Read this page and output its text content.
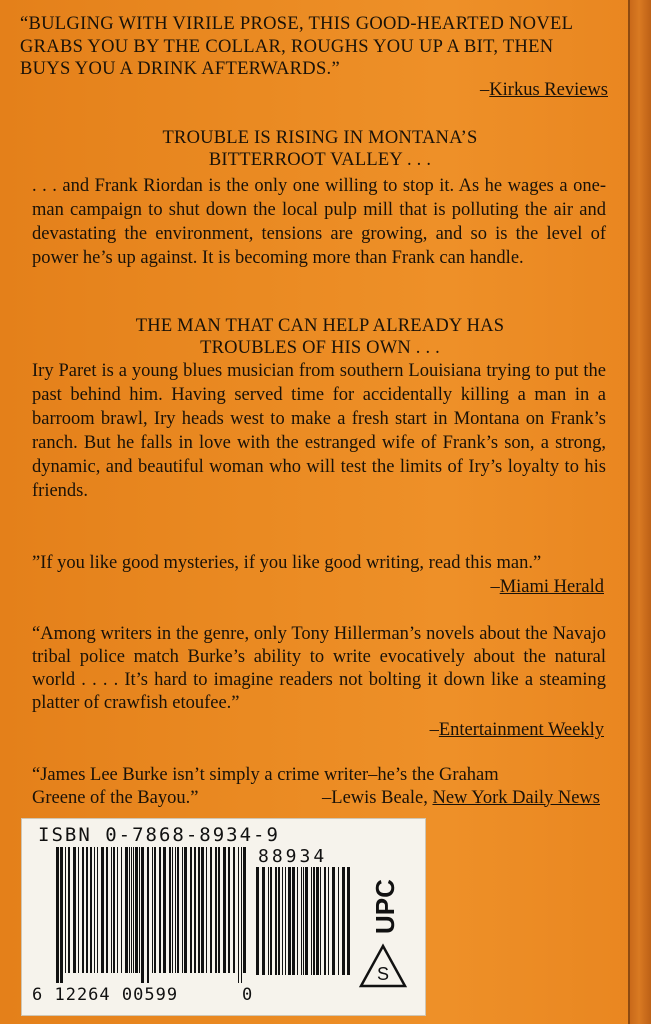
“BULGING WITH VIRILE PROSE, THIS GOOD-HEARTED NOVEL
GRABS YOU BY THE COLLAR, ROUGHS YOU UP A BIT, THEN
BUYS YOU A DRINK AFTERWARDS.”
–Kirkus Reviews
TROUBLE IS RISING IN MONTANA’S
BITTERROOT VALLEY . . .
. . . and Frank Riordan is the only one willing to stop it. As he wages a one-man campaign to shut down the local pulp mill that is polluting the air and devastating the environment, tensions are growing, and so is the level of power he’s up against. It is becoming more than Frank can handle.
THE MAN THAT CAN HELP ALREADY HAS
TROUBLES OF HIS OWN . . .
Iry Paret is a young blues musician from southern Louisiana trying to put the past behind him. Having served time for accidentally killing a man in a barroom brawl, Iry heads west to make a fresh start in Montana on Frank’s ranch. But he falls in love with the estranged wife of Frank’s son, a strong, dynamic, and beautiful woman who will test the limits of Iry’s loyalty to his friends.
”If you like good mysteries, if you like good writing, read this man.”
–Miami Herald
“Among writers in the genre, only Tony Hillerman’s novels about the Navajo tribal police match Burke’s ability to write evocatively about the natural world . . . . It’s hard to imagine readers not bolting it down like a steaming platter of crawfish etoufee.”
–Entertainment Weekly
“James Lee Burke isn’t simply a crime writer–he’s the Graham
Greene of the Bayou.”	–Lewis Beale, New York Daily News
ISBN 0-7868-8934-9
88934
6 12264 00599	0
UPC
S
